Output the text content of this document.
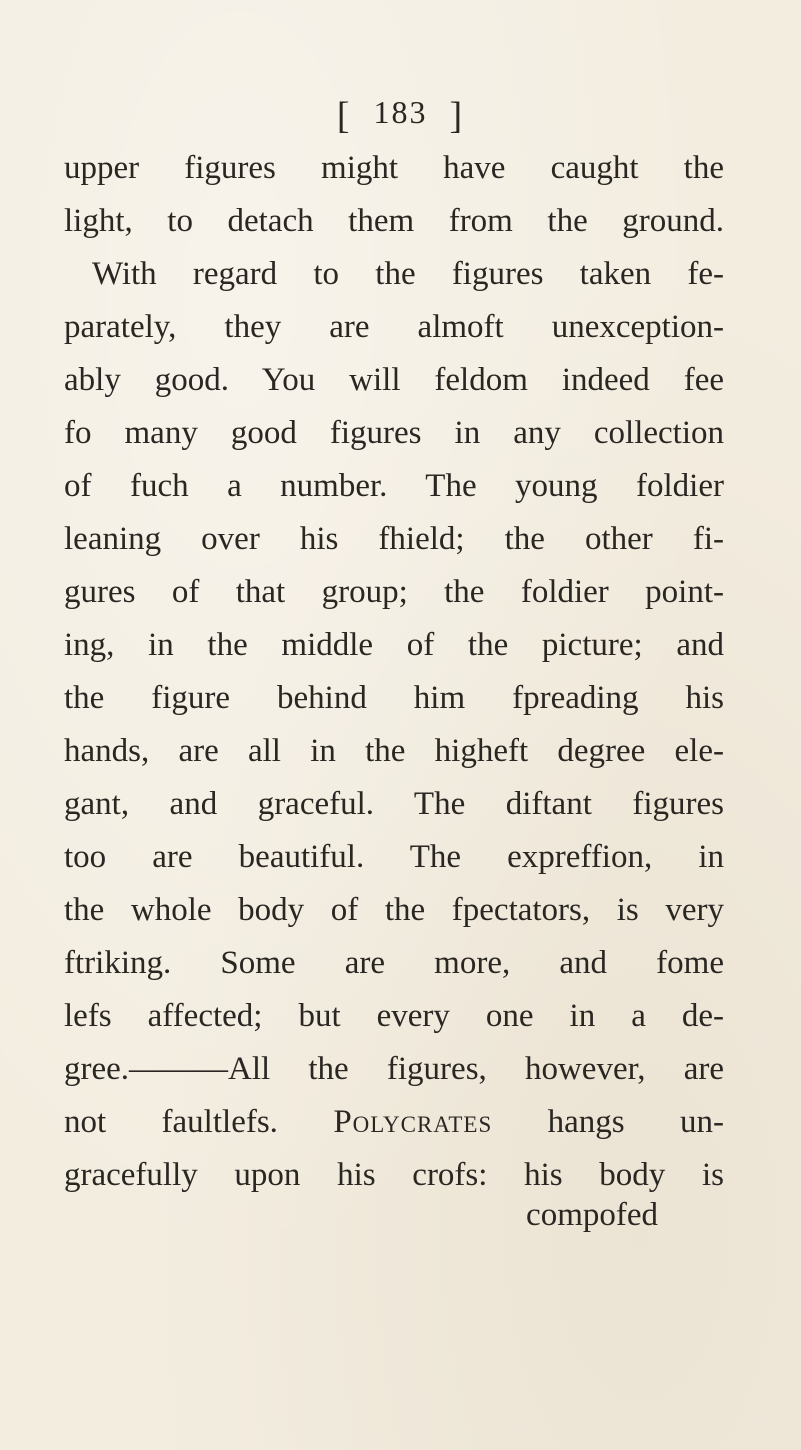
[ 183 ]
upper figures might have caught the
light, to detach them from the ground.
With regard to the figures taken fe-
parately, they are almoft unexception-
ably good. You will feldom indeed fee
fo many good figures in any collection
of fuch a number. The young foldier
leaning over his fhield; the other fi-
gures of that group; the foldier point-
ing, in the middle of the picture; and
the figure behind him fpreading his
hands, are all in the higheft degree ele-
gant, and graceful. The diftant figures
too are beautiful. The expreffion, in
the whole body of the fpectators, is very
ftriking. Some are more, and fome
lefs affected; but every one in a de-
gree.———All the figures, however, are
not faultlefs. Polycrates hangs un-
gracefully upon his crofs: his body is
compofed
